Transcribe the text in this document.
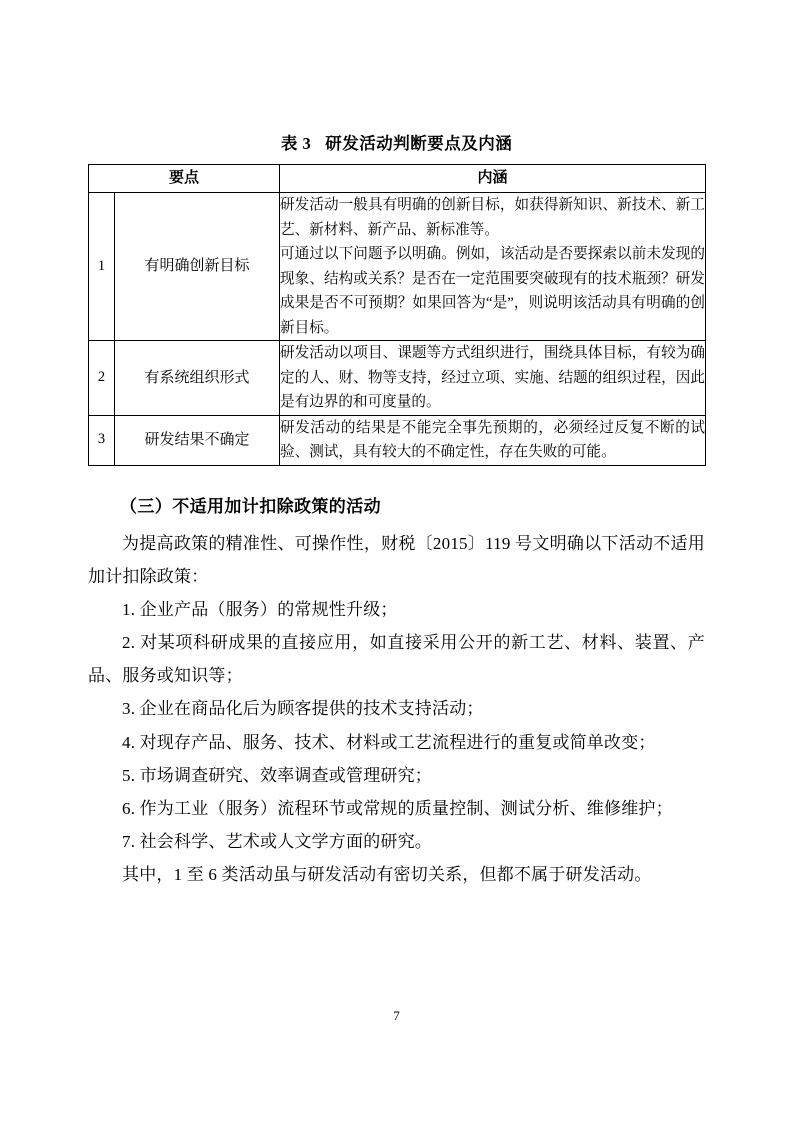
表 3 研发活动判断要点及内涵
要点		内涵
1	有明确创新目标	研发活动一般具有明确的创新目标，如获得新知识、新技术、新工艺、新材料、新产品、新标准等。

可通过以下问题予以明确。例如，该活动是否要探索以前未发现的现象、结构或关系？是否在一定范围要突破现有的技术瓶颈？研发成果是否不可预期？如果回答为“是”，则说明该活动具有明确的创新目标。

2	有系统组织形式	研发活动以项目、课题等方式组织进行，围绕具体目标，有较为确定的人、财、物等支持，经过立项、实施、结题的组织过程，因此是有边界的和可度量的。

3	研发结果不确定	研发活动的结果是不能完全事先预期的，必须经过反复不断的试验、测试，具有较大的不确定性，存在失败的可能。

（三）不适用加计扣除政策的活动

为提高政策的精准性、可操作性，财税〔2015〕119 号文明确以下活动不适用加计扣除政策：

1. 企业产品（服务）的常规性升级；

2. 对某项科研成果的直接应用，如直接采用公开的新工艺、材料、装置、产品、服务或知识等；

3. 企业在商品化后为顾客提供的技术支持活动；

4. 对现存产品、服务、技术、材料或工艺流程进行的重复或简单改变；

5. 市场调查研究、效率调查或管理研究；

6. 作为工业（服务）流程环节或常规的质量控制、测试分析、维修维护；

7. 社会科学、艺术或人文学方面的研究。

其中，1 至 6 类活动虽与研发活动有密切关系，但都不属于研发活动。

7
